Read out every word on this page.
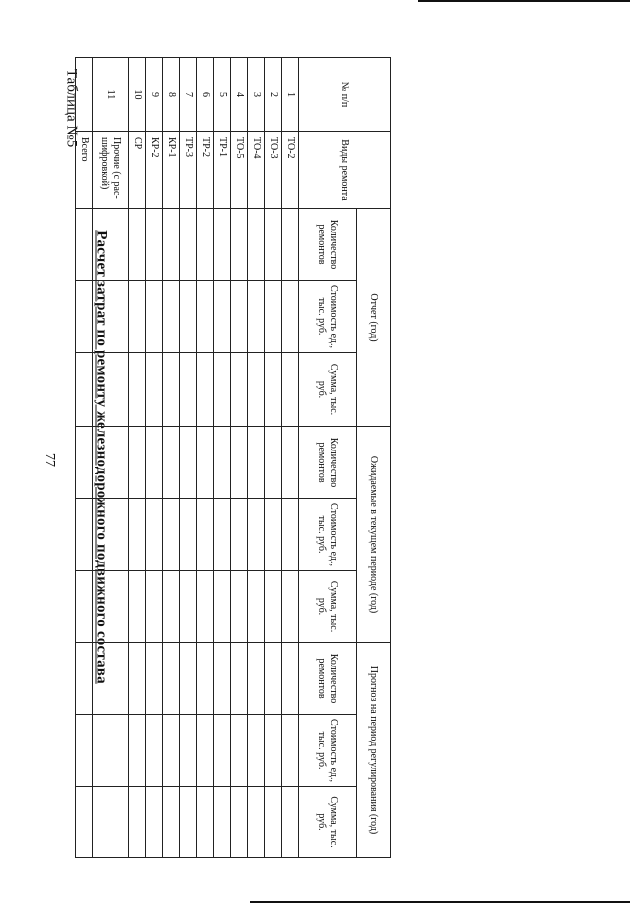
77
Таблица №5
Расчет затрат по ремонту железнодорожного подвижного состава
№ п/п	Виды ремонта	Отчет (год)			Ожидаемые в текущем периоде (год)			Прогноз на период регулирования (год)		
		Количество ремонтов	Стоимость ед., тыс. руб.	Сумма, тыс. руб.	Количество ремонтов	Стоимость ед., тыс. руб.	Сумма, тыс. руб.	Количество ремонтов	Стоимость ед., тыс. руб.	Сумма, тыс. руб.
1	ТО-2									
2	ТО-3									
3	ТО-4									
4	ТО-5									
5	ТР-1									
6	ТР-2									
7	ТР-3									
8	КР-1									
9	КР-2									
10	СР									
11	Прочие (с рас-шифровкой)									
	Всего									
